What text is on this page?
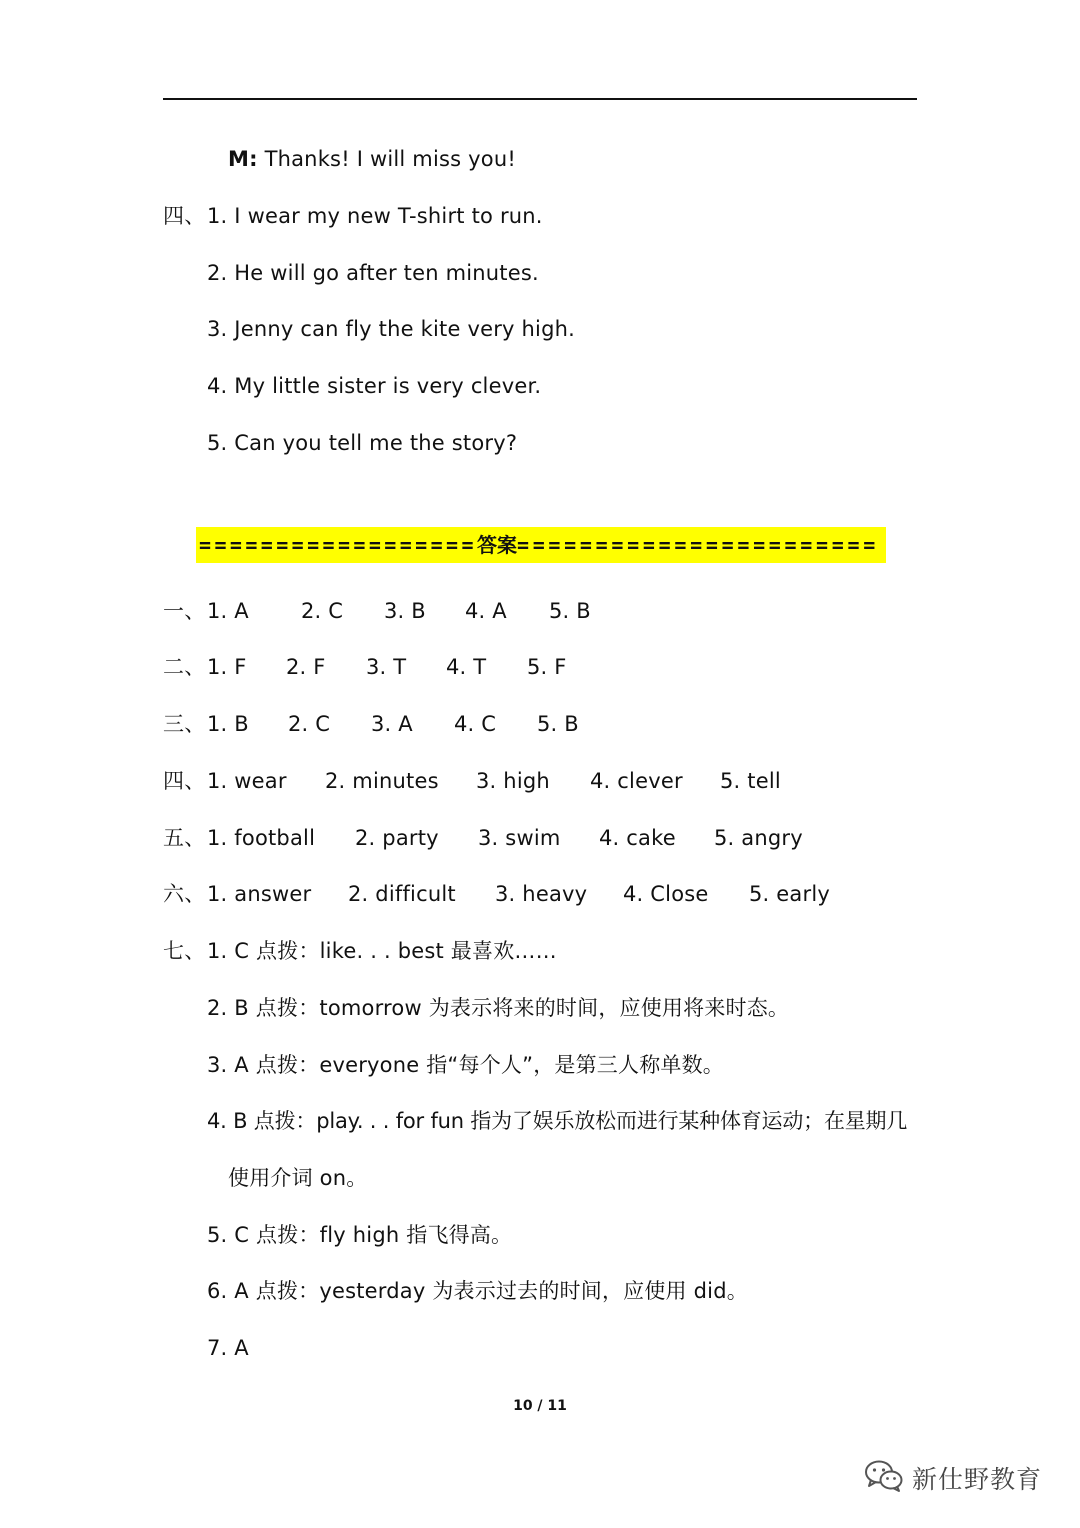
M: Thanks! I will miss you!
四、 1. I wear my new T-shirt to run.
2. He will go after ten minutes.
3. Jenny can fly the kite very high.
4. My little sister is very clever.
5. Can you tell me the story?
==================答案=======================
一、 1. A 2. C 3. B 4. A 5. B
二、 1. F 2. F 3. T 4. T 5. F
三、 1. B 2. C 3. A 4. C 5. B
四、 1. wear 2. minutes 3. high 4. clever 5. tell
五、 1. football 2. party 3. swim 4. cake 5. angry
六、 1. answer 2. difficult 3. heavy 4. Close 5. early
七、 1. C 点拨：like. . . best 最喜欢……
2. B 点拨：tomorrow 为表示将来的时间，应使用将来时态。
3. A 点拨：everyone 指“每个人”，是第三人称单数。
4. B 点拨：play. . . for fun 指为了娱乐放松而进行某种体育运动；在星期几
使用介词 on。
5. C 点拨：fly high 指飞得高。
6. A 点拨：yesterday 为表示过去的时间，应使用 did。
7. A
10 / 11
新仕野教育
